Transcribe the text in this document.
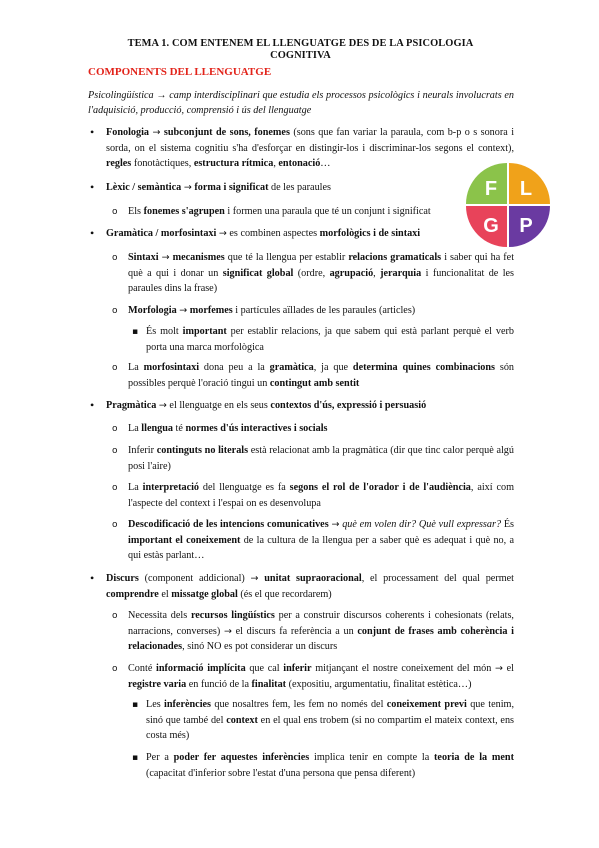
TEMA 1. COM ENTENEM EL LLENGUATGE DES DE LA PSICOLOGIA
COGNITIVA
COMPONENTS DEL LLENGUATGE
Psicolingüística → camp interdisciplinari que estudia els processos psicològics i neurals involucrats en l'adquisició, producció, comprensió i ús del llenguatge
•
Fonologia → subconjunt de sons, fonemes (sons que fan variar la paraula, com b-p o s sonora i sorda, on el sistema cognitiu s'ha d'esforçar en distingir-los i discriminar-los segons el context), regles fonotàctiques, estructura rítmica, entonació…
•
Lèxic / semàntica → forma i significat de les paraules
o
Els fonemes s'agrupen i formen una paraula que té un conjunt i significat
•
Gramàtica / morfosintaxi → es combinen aspectes morfològics i de sintaxi
o
Sintaxi → mecanismes que té la llengua per establir relacions gramaticals i saber qui ha fet què a qui i donar un significat global (ordre, agrupació, jerarquia i funcionalitat de les paraules dins la frase)
o
Morfologia → morfemes i partícules aïllades de les paraules (articles)
▪
És molt important per establir relacions, ja que sabem qui està parlant perquè el verb porta una marca morfològica
o
La morfosintaxi dona peu a la gramàtica, ja que determina quines combinacions són possibles perquè l'oració tingui un contingut amb sentit
•
Pragmàtica → el llenguatge en els seus contextos d'ús, expressió i persuasió
o
La llengua té normes d'ús interactives i socials
o
Inferir continguts no literals està relacionat amb la pragmàtica (dir que tinc calor perquè algú posi l'aire)
o
La interpretació del llenguatge es fa segons el rol de l'orador i de l'audiència, així com l'aspecte del context i l'espai on es desenvolupa
o
Descodificació de les intencions comunicatives → què em volen dir? Què vull expressar? És important el coneixement de la cultura de la llengua per a saber què es adequat i què no, a qui estàs parlant…
•
Discurs (component addicional) → unitat supraoracional, el processament del qual permet comprendre el missatge global (és el que recordarem)
o
Necessita dels recursos lingüístics per a construir discursos coherents i cohesionats (relats, narracions, converses) → el discurs fa referència a un conjunt de frases amb coherència i relacionades, sinó NO es pot considerar un discurs
o
Conté informació implícita que cal inferir mitjançant el nostre coneixement del món → el registre varia en funció de la finalitat (expositiu, argumentatiu, finalitat estètica…)
▪
Les inferències que nosaltres fem, les fem no només del coneixement previ que tenim, sinó que també del context en el qual ens trobem (si no compartim el mateix context, ens costa més)
▪
Per a poder fer aquestes inferències implica tenir en compte la teoria de la ment (capacitat d'inferior sobre l'estat d'una persona que pensa diferent)
F L
G P
